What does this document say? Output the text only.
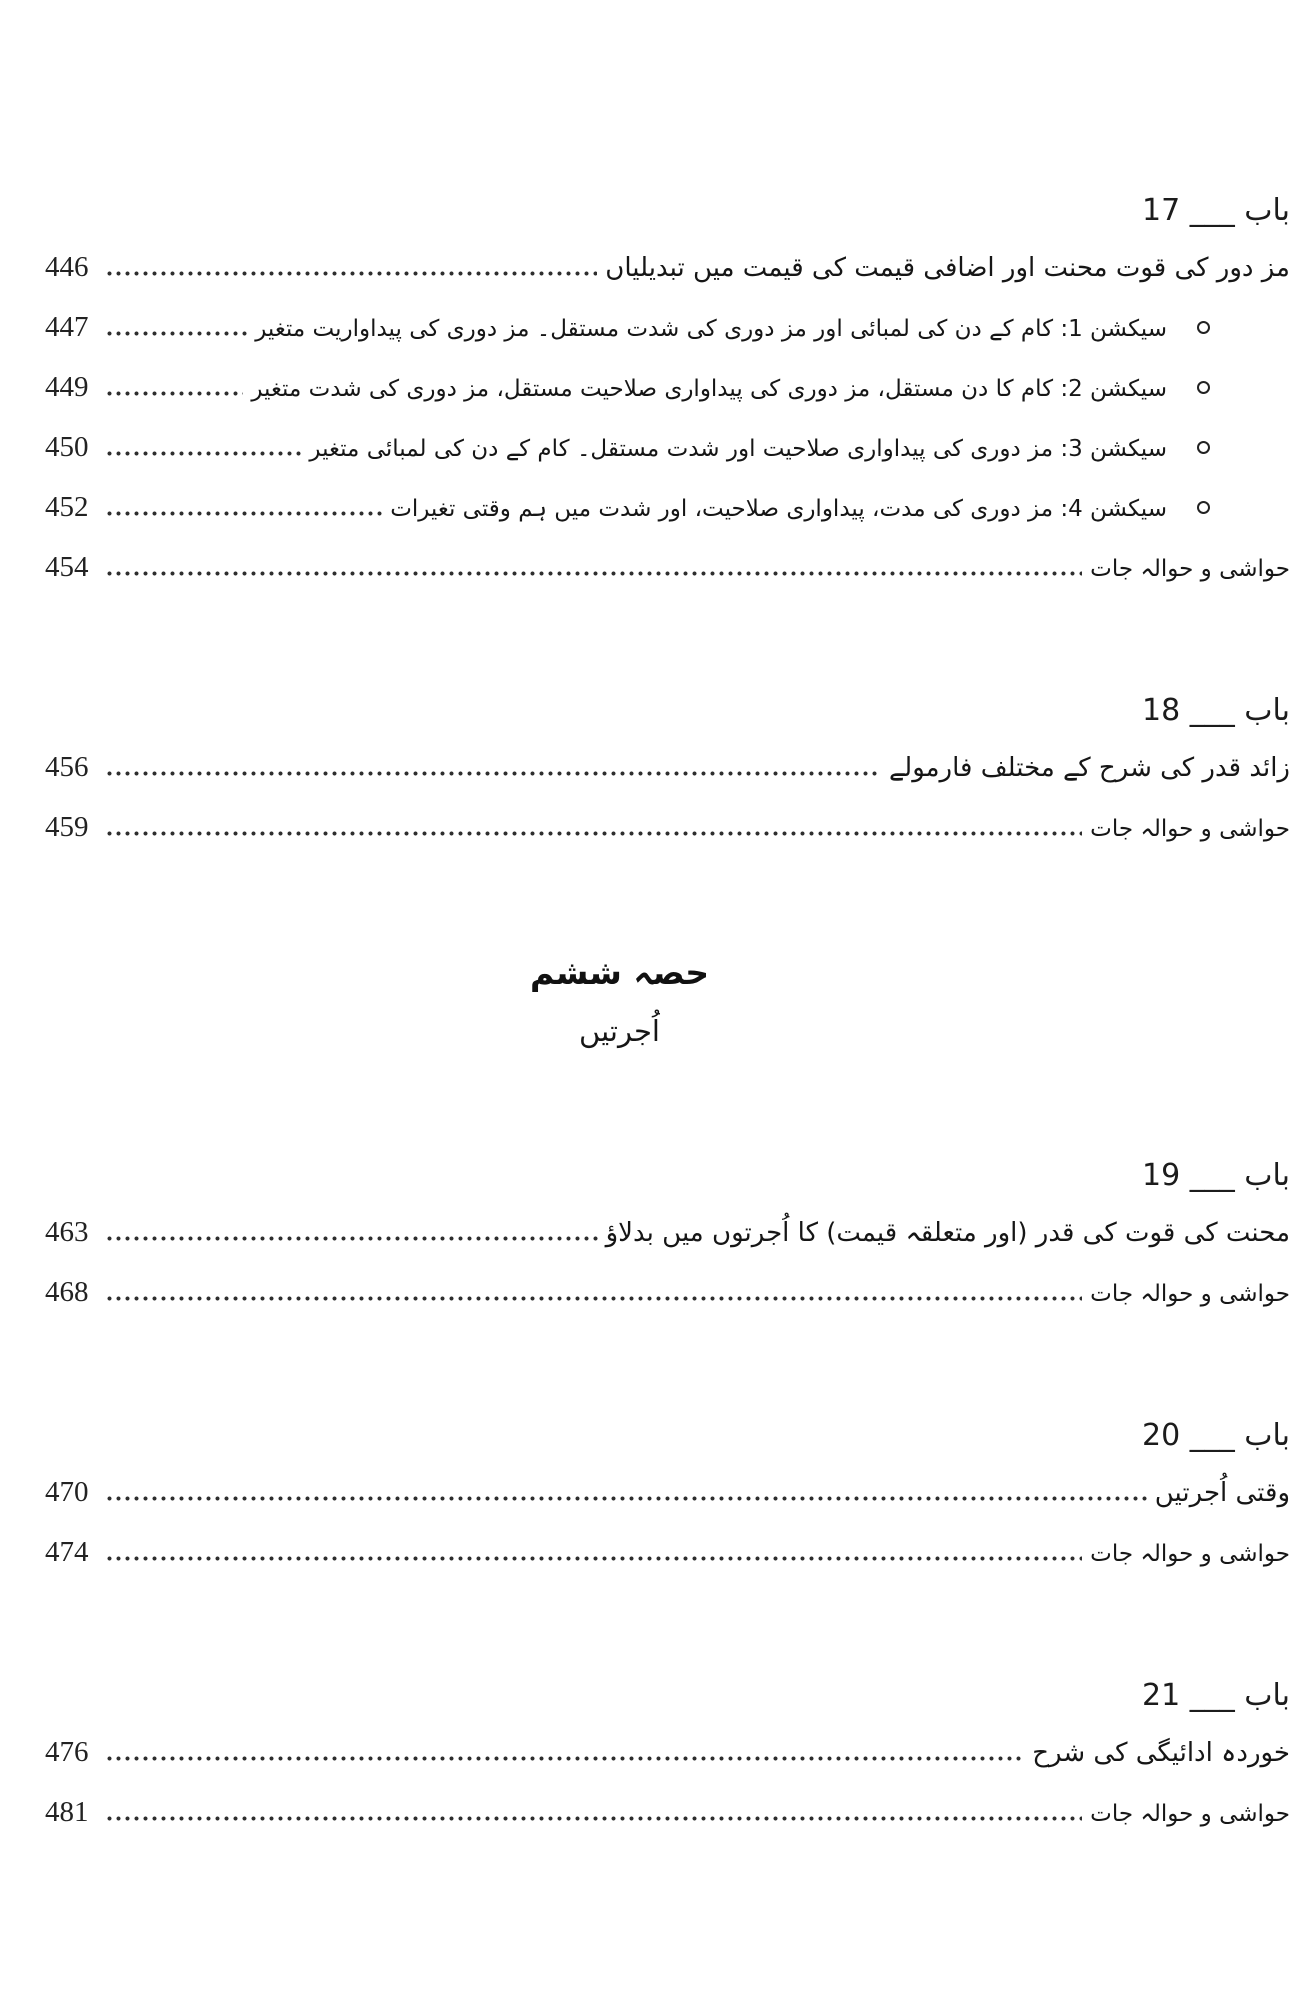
باب ___ 17
مز دور کی قوت محنت اور اضافی قیمت کی قیمت میں تبدیلیاں
446
سیکشن 1: کام کے دن کی لمبائی اور مز دوری کی شدت مستقل۔ مز دوری کی پیداواریت متغیر
447
سیکشن 2: کام کا دن مستقل، مز دوری کی پیداواری صلاحیت مستقل، مز دوری کی شدت متغیر
449
سیکشن 3: مز دوری کی پیداواری صلاحیت اور شدت مستقل۔ کام کے دن کی لمبائی متغیر
450
سیکشن 4: مز دوری کی مدت، پیداواری صلاحیت، اور شدت میں ہم وقتی تغیرات
452
حواشی و حوالہ جات
454
باب ___ 18
زائد قدر کی شرح کے مختلف فارمولے
456
حواشی و حوالہ جات
459
حصہ ششم
اُجرتیں
باب ___ 19
محنت کی قوت کی قدر (اور متعلقہ قیمت) کا اُجرتوں میں بدلاؤ
463
حواشی و حوالہ جات
468
باب ___ 20
وقتی اُجرتیں
470
حواشی و حوالہ جات
474
باب ___ 21
خوردہ ادائیگی کی شرح
476
حواشی و حوالہ جات
481
